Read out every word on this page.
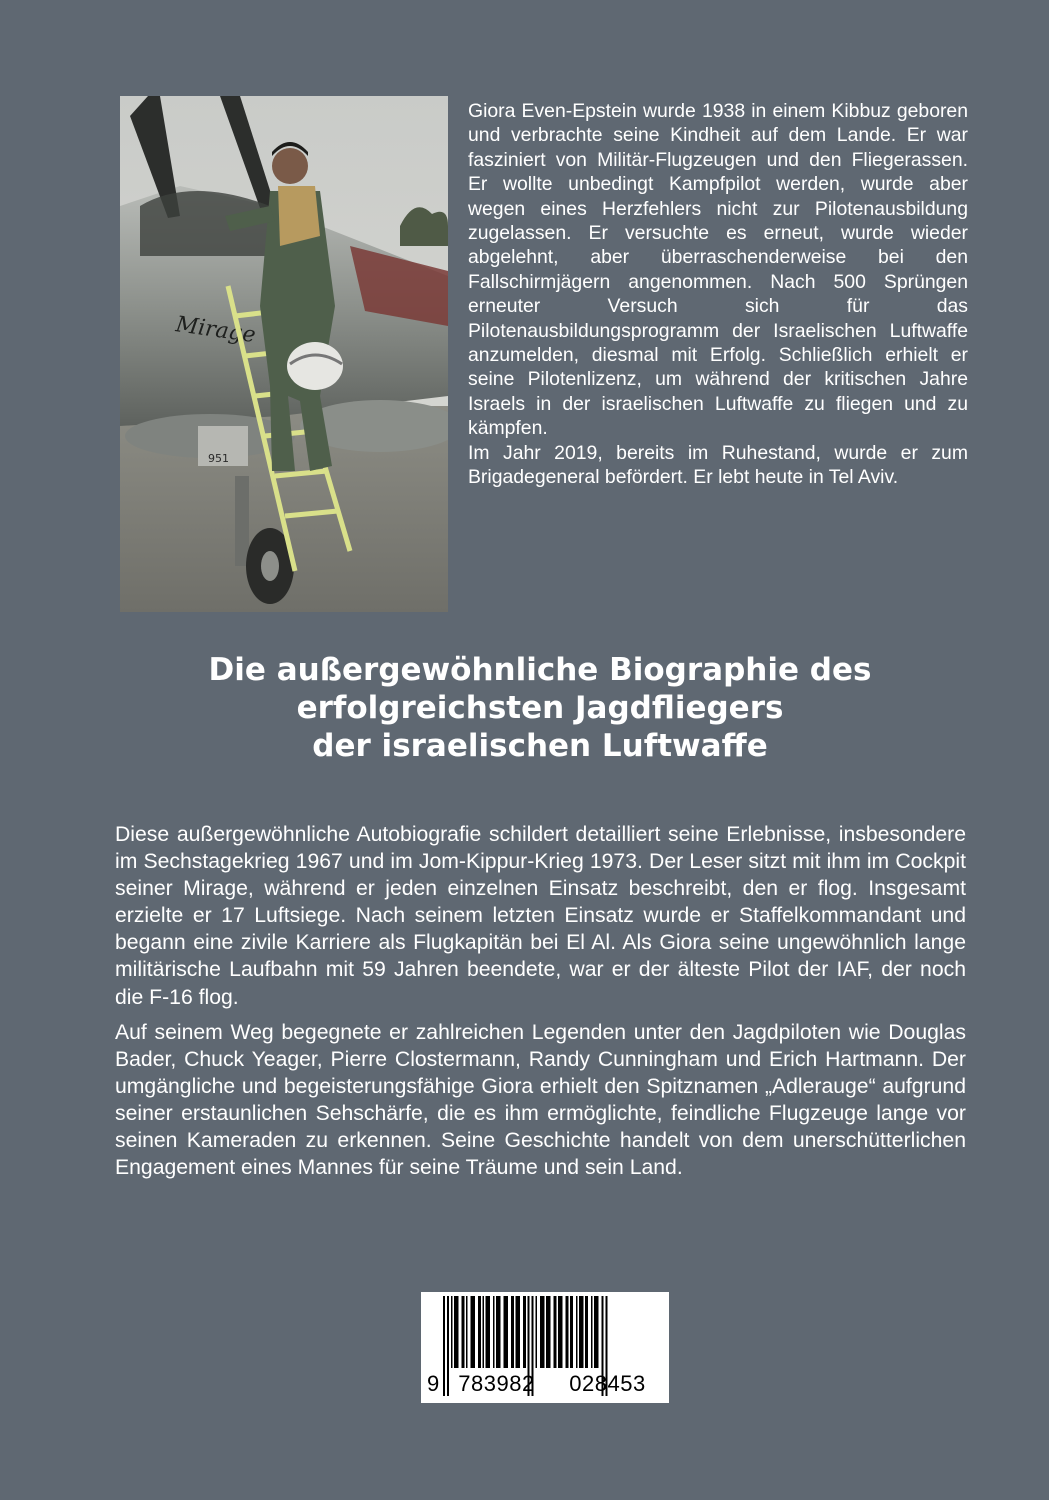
Mirage
951

Giora Even-Epstein wurde 1938 in einem Kibbuz geboren und verbrachte seine Kindheit auf dem Lande. Er war fasziniert von Militär-Flugzeugen und den Fliegerassen. Er wollte unbedingt Kampfpilot werden, wurde aber wegen eines Herzfehlers nicht zur Pilotenausbildung zugelassen. Er versuchte es erneut, wurde wieder abgelehnt, aber überraschenderweise bei den Fallschirmjägern angenommen. Nach 500 Sprüngen erneuter Versuch sich für das Pilotenausbildungsprogramm der Israelischen Luftwaffe anzumelden, diesmal mit Erfolg. Schließlich erhielt er seine Pilotenlizenz, um während der kritischen Jahre Israels in der israelischen Luftwaffe zu fliegen und zu kämpfen.

Im Jahr 2019, bereits im Ruhestand, wurde er zum Brigadegeneral befördert. Er lebt heute in Tel Aviv.

Die außergewöhnliche Biographie des
erfolgreichsten Jagdfliegers
der israelischen Luftwaffe

Diese außergewöhnliche Autobiografie schildert detailliert seine Erlebnisse, insbesondere im Sechstagekrieg 1967 und im Jom-Kippur-Krieg 1973. Der Leser sitzt mit ihm im Cockpit seiner Mirage, während er jeden einzelnen Einsatz beschreibt, den er flog. Insgesamt erzielte er 17 Luftsiege. Nach seinem letzten Einsatz wurde er Staffelkommandant und begann eine zivile Karriere als Flugkapitän bei El Al. Als Giora seine ungewöhnlich lange militärische Laufbahn mit 59 Jahren beendete, war er der älteste Pilot der IAF, der noch die F-16 flog.

Auf seinem Weg begegnete er zahlreichen Legenden unter den Jagdpiloten wie Douglas Bader, Chuck Yeager, Pierre Clostermann, Randy Cunningham und Erich Hartmann. Der umgängliche und begeisterungsfähige Giora erhielt den Spitznamen „Adlerauge“ aufgrund seiner erstaunlichen Sehschärfe, die es ihm ermöglichte, feindliche Flugzeuge lange vor seinen Kameraden zu erkennen. Seine Geschichte handelt von dem unerschütterlichen Engagement eines Mannes für seine Träume und sein Land.

9 783982	028453
